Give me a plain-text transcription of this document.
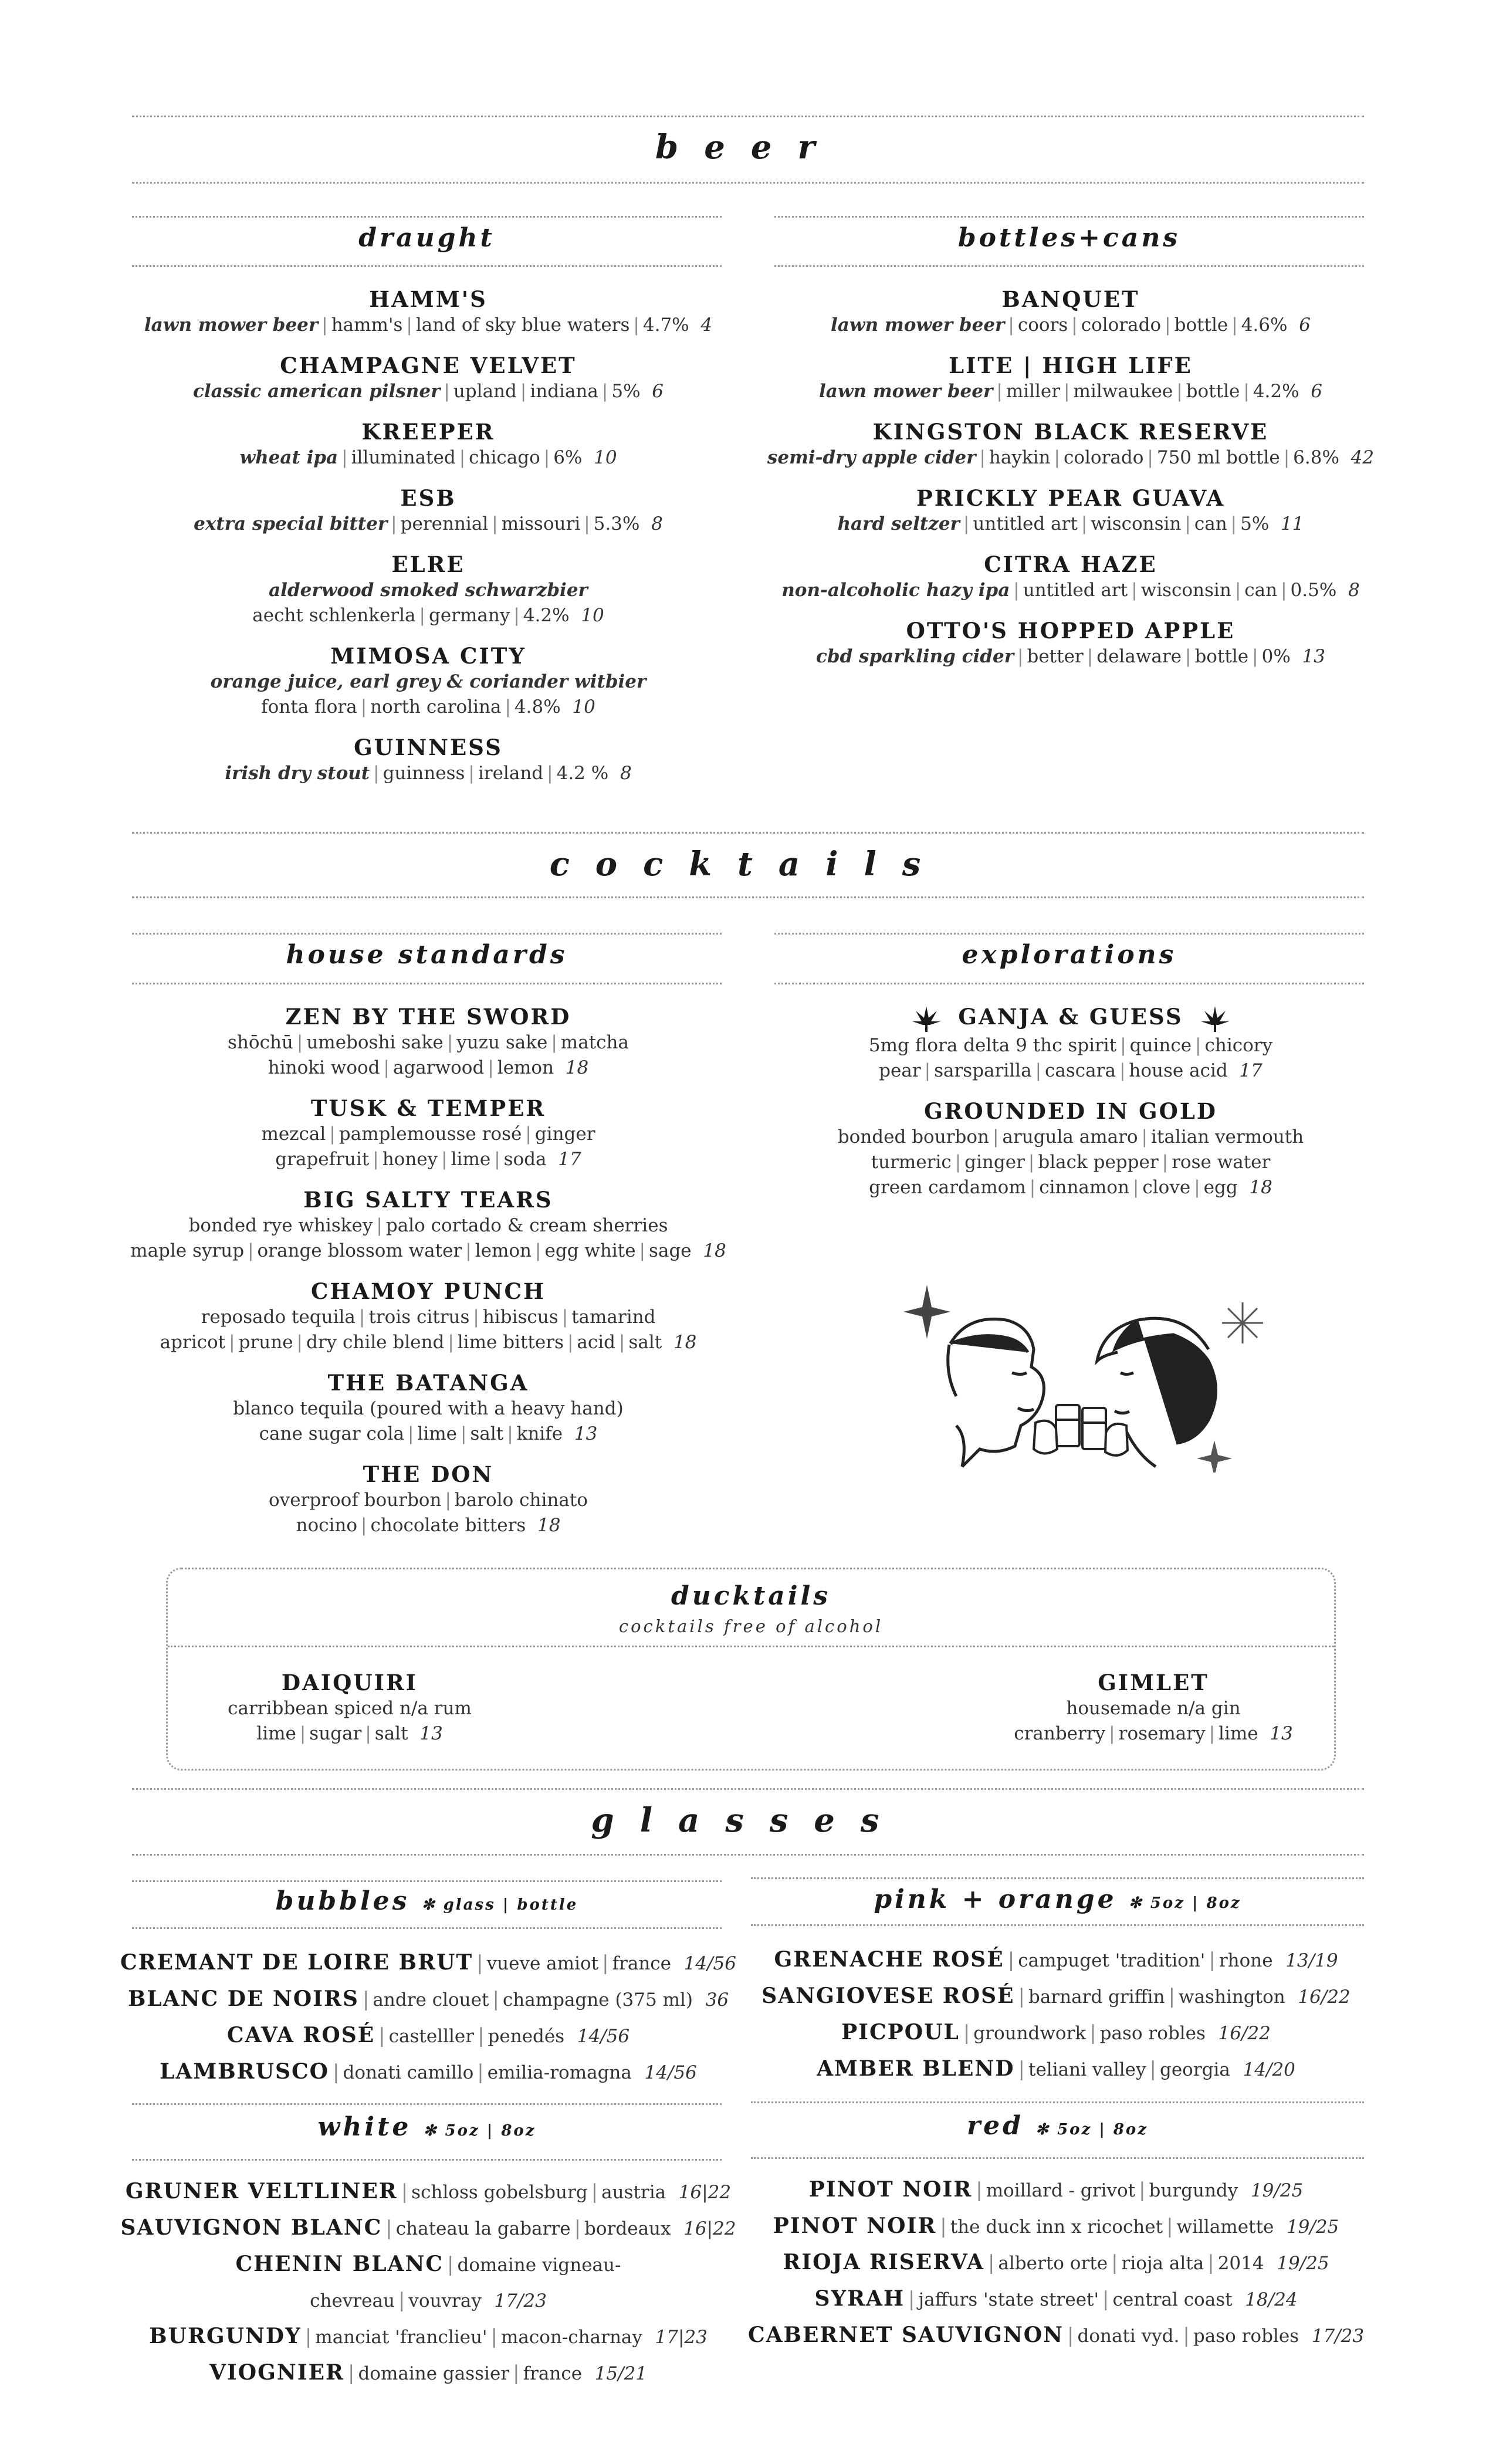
beer
draught	bottles+cans
HAMM'S
lawn mower beer | hamm's | land of sky blue waters | 4.7% 4
CHAMPAGNE VELVET
classic american pilsner | upland | indiana | 5% 6
KREEPER
wheat ipa | illuminated | chicago | 6% 10
ESB
extra special bitter | perennial | missouri | 5.3% 8
ELRE
alderwood smoked schwarzbier
aecht schlenkerla | germany | 4.2% 10
MIMOSA CITY
orange juice, earl grey & coriander witbier
fonta flora | north carolina | 4.8% 10
GUINNESS
irish dry stout | guinness | ireland | 4.2 % 8
BANQUET
lawn mower beer | coors | colorado | bottle | 4.6% 6
LITE | HIGH LIFE
lawn mower beer | miller | milwaukee | bottle | 4.2% 6
KINGSTON BLACK RESERVE
semi-dry apple cider | haykin | colorado | 750 ml bottle | 6.8% 42
PRICKLY PEAR GUAVA
hard seltzer | untitled art | wisconsin | can | 5% 11
CITRA HAZE
non-alcoholic hazy ipa | untitled art | wisconsin | can | 0.5% 8
OTTO'S HOPPED APPLE
cbd sparkling cider | better | delaware | bottle | 0% 13
cocktails
house standards	explorations
ZEN BY THE SWORD
shōchū | umeboshi sake | yuzu sake | matcha
hinoki wood | agarwood | lemon 18
TUSK & TEMPER
mezcal | pamplemousse rosé | ginger
grapefruit | honey | lime | soda 17
BIG SALTY TEARS
bonded rye whiskey | palo cortado & cream sherries
maple syrup | orange blossom water | lemon | egg white | sage 18
CHAMOY PUNCH
reposado tequila | trois citrus | hibiscus | tamarind
apricot | prune | dry chile blend | lime bitters | acid | salt 18
THE BATANGA
blanco tequila (poured with a heavy hand)
cane sugar cola | lime | salt | knife 13
THE DON
overproof bourbon | barolo chinato
nocino | chocolate bitters 18
GANJA & GUESS
5mg flora delta 9 thc spirit | quince | chicory
pear | sarsparilla | cascara | house acid 17
GROUNDED IN GOLD
bonded bourbon | arugula amaro | italian vermouth
turmeric | ginger | black pepper | rose water
green cardamom | cinnamon | clove | egg 18
ducktails
cocktails free of alcohol
DAIQUIRI
carribbean spiced n/a rum
lime | sugar | salt 13
GIMLET
housemade n/a gin
cranberry | rosemary | lime 13
glasses
bubbles ✻ glass | bottle	pink + orange ✻ 5oz | 8oz
CREMANT DE LOIRE BRUT | vueve amiot | france 14/56
BLANC DE NOIRS | andre clouet | champagne (375 ml) 36
CAVA ROSÉ | castelller | penedés 14/56
LAMBRUSCO | donati camillo | emilia-romagna 14/56
GRENACHE ROSÉ | campuget 'tradition' | rhone 13/19
SANGIOVESE ROSÉ | barnard griffin | washington 16/22
PICPOUL | groundwork | paso robles 16/22
AMBER BLEND | teliani valley | georgia 14/20
white ✻ 5oz | 8oz	red ✻ 5oz | 8oz
GRUNER VELTLINER | schloss gobelsburg | austria 16|22
SAUVIGNON BLANC | chateau la gabarre | bordeaux 16|22
CHENIN BLANC | domaine vigneau-chevreau | vouvray 17/23
BURGUNDY | manciat 'franclieu' | macon-charnay 17|23
VIOGNIER | domaine gassier | france 15/21
PINOT NOIR | moillard - grivot | burgundy 19/25
PINOT NOIR | the duck inn x ricochet | willamette 19/25
RIOJA RISERVA | alberto orte | rioja alta | 2014 19/25
SYRAH | jaffurs 'state street' | central coast 18/24
CABERNET SAUVIGNON | donati vyd. | paso robles 17/23
